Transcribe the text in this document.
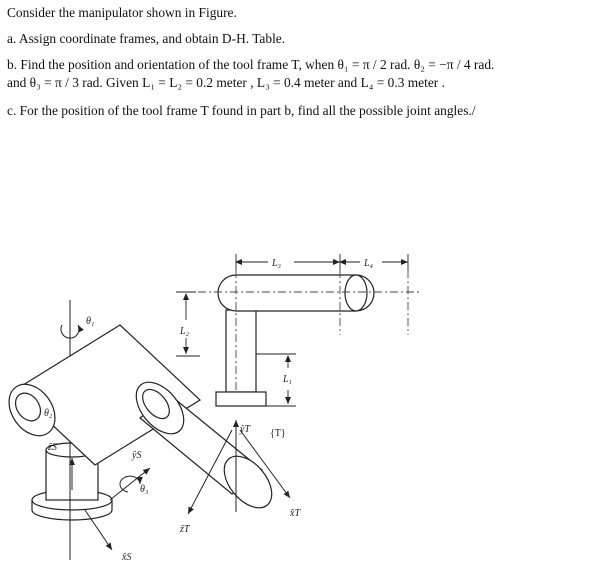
Consider the manipulator shown in Figure.

a. Assign coordinate frames, and obtain D-H. Table.

b. Find the position and orientation of the tool frame T, when θ₁ = π / 2 rad. θ₂ = −π / 4 rad.

and θ₃ = π / 3 rad. Given L₁ = L₂ = 0.2 meter , L₃ = 0.4 meter and L₄ = 0.3 meter .

c. For the position of the tool frame T found in part b, find all the possible joint angles./

θ₁
θ₂
θ₃
ẑS
ŷS
x̂S
ŷT
ẑT
x̂T
{T}
L₁
L₂
L₃	L₄
